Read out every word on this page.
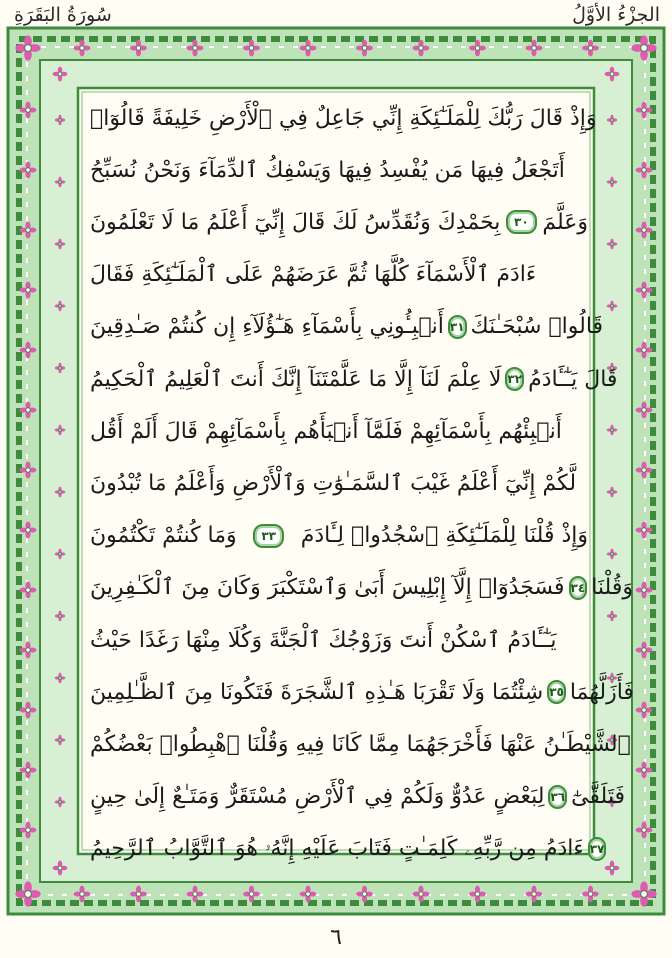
الجزْءُ الأوَّلُ
سُورَةُ البَقَرَةِ
وَإِذْ قَالَ رَبُّكَ لِلْمَلَـٰٓئِكَةِ إِنِّي جَاعِلٌ فِي ٱلْأَرْضِ خَلِيفَةً قَالُوٓا۟
أَتَجْعَلُ فِيهَا مَن يُفْسِدُ فِيهَا وَيَسْفِكُ ٱلدِّمَآءَ وَنَحْنُ نُسَبِّحُ
بِحَمْدِكَ وَنُقَدِّسُ لَكَ قَالَ إِنِّيٓ أَعْلَمُ مَا لَا تَعْلَمُونَ	٣٠ وَعَلَّمَ
ءَادَمَ ٱلْأَسْمَآءَ كُلَّهَا ثُمَّ عَرَضَهُمْ عَلَى ٱلْمَلَـٰٓئِكَةِ فَقَالَ
أَنۢبِـُٔونِي بِأَسْمَآءِ هَـٰٓؤُلَآءِ إِن كُنتُمْ صَـٰدِقِينَ ٣١ قَالُوا۟ سُبْحَـٰنَكَ
لَا عِلْمَ لَنَآ إِلَّا مَا عَلَّمْتَنَآ إِنَّكَ أَنتَ ٱلْعَلِيمُ ٱلْحَكِيمُ ٣٢ قَالَ يَـٰٓـَٔادَمُ
أَنۢبِئْهُم بِأَسْمَآئِهِمْ فَلَمَّآ أَنۢبَأَهُم بِأَسْمَآئِهِمْ قَالَ أَلَمْ أَقُل
لَّكُمْ إِنِّيٓ أَعْلَمُ غَيْبَ ٱلسَّمَـٰوَٰتِ وَٱلْأَرْضِ وَأَعْلَمُ مَا تُبْدُونَ
وَمَا كُنتُمْ تَكْتُمُونَ	٣٣	وَإِذْ قُلْنَا لِلْمَلَـٰٓئِكَةِ ٱسْجُدُوا۟ لِـَٔادَمَ
فَسَجَدُوٓا۟ إِلَّآ إِبْلِيسَ أَبَىٰ وَٱسْتَكْبَرَ وَكَانَ مِنَ ٱلْكَـٰفِرِينَ ٣٤ وَقُلْنَا
يَـٰٓـَٔادَمُ ٱسْكُنْ أَنتَ وَزَوْجُكَ ٱلْجَنَّةَ وَكُلَا مِنْهَا رَغَدًا حَيْثُ
شِئْتُمَا وَلَا تَقْرَبَا هَـٰذِهِ ٱلشَّجَرَةَ فَتَكُونَا مِنَ ٱلظَّـٰلِمِينَ ٣٥ فَأَزَلَّهُمَا
ٱلشَّيْطَـٰنُ عَنْهَا فَأَخْرَجَهُمَا مِمَّا كَانَا فِيهِ وَقُلْنَا ٱهْبِطُوا۟ بَعْضُكُمْ
لِبَعْضٍ عَدُوٌّ وَلَكُمْ فِي ٱلْأَرْضِ مُسْتَقَرٌّ وَمَتَـٰعٌ إِلَىٰ حِينٍ ٣٦ فَتَلَقَّىٰٓ
ءَادَمُ مِن رَّبِّهِۦ كَلِمَـٰتٍ فَتَابَ عَلَيْهِ إِنَّهُۥ هُوَ ٱلتَّوَّابُ ٱلرَّحِيمُ ٣٧
٦
